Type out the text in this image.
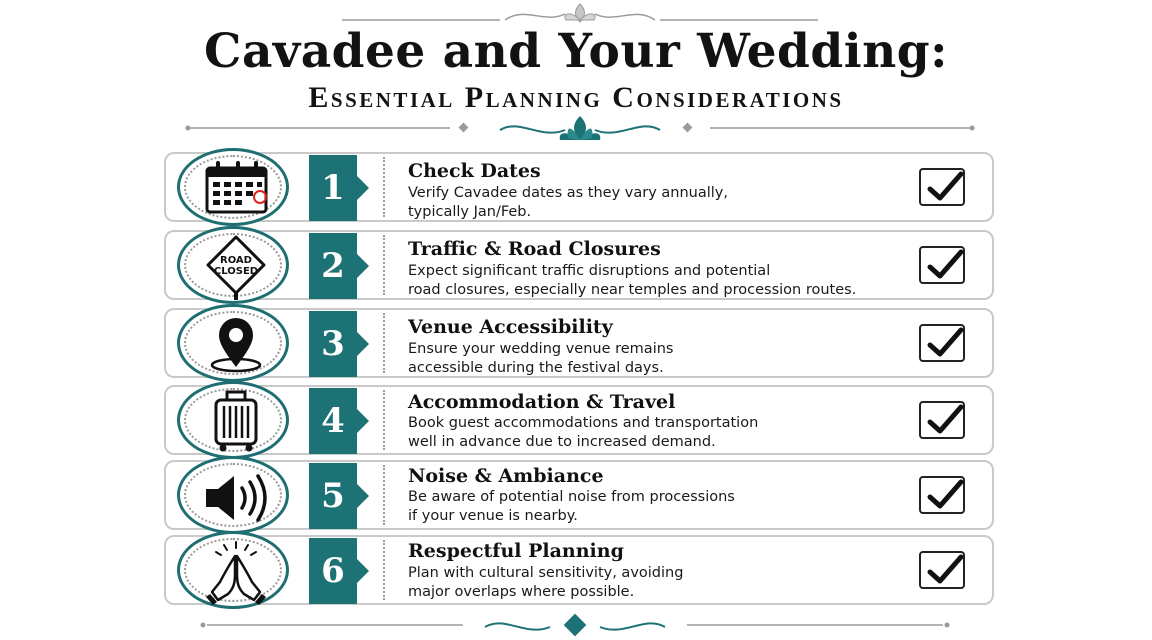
Cavadee and Your Wedding:
Essential Planning Considerations
1	Check Dates
Verify Cavadee dates as they vary annually,
typically Jan/Feb.
ROAD
CLOSED	2	Traffic & Road Closures
Expect significant traffic disruptions and potential
road closures, especially near temples and procession routes.
3	Venue Accessibility
Ensure your wedding venue remains
accessible during the festival days.
4	Accommodation & Travel
Book guest accommodations and transportation
well in advance due to increased demand.
5	Noise & Ambiance
Be aware of potential noise from processions
if your venue is nearby.
6	Respectful Planning
Plan with cultural sensitivity, avoiding
major overlaps where possible.
